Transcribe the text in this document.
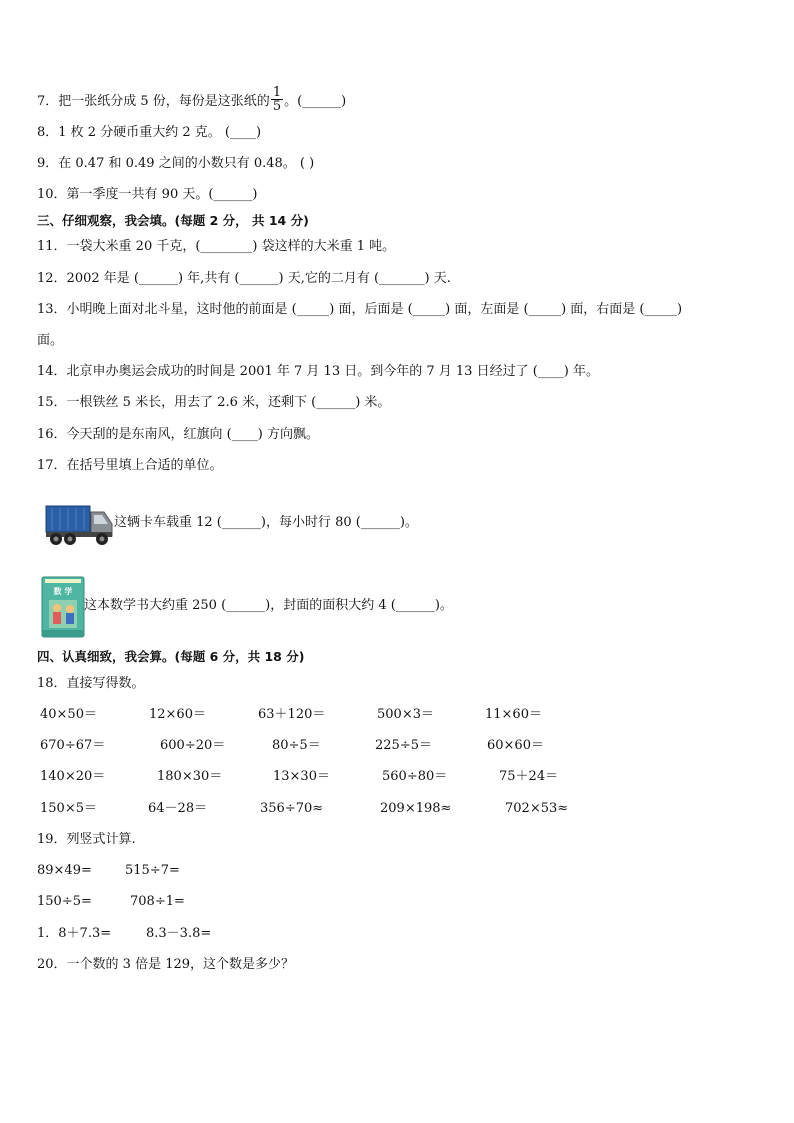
7．把一张纸分成 5 份，每份是这张纸的 $\frac{1}{5}$ 。(______)
8．1 枚 2 分硬币重大约 2 克。 (____)
9．在 0.47 和 0.49 之间的小数只有 0.48。 ( )
10．第一季度一共有 90 天。(______)
三、仔细观察，我会填。(每题 2 分， 共 14 分)
11．一袋大米重 20 千克，(________) 袋这样的大米重 1 吨。
12．2002 年是 (______) 年,共有 (______) 天,它的二月有 (_______) 天.
13．小明晚上面对北斗星，这时他的前面是 (_____) 面，后面是 (_____) 面，左面是 (_____) 面，右面是 (_____)
面。
14．北京申办奥运会成功的时间是 2001 年 7 月 13 日。到今年的 7 月 13 日经过了 (____) 年。
15．一根铁丝 5 米长，用去了 2.6 米，还剩下 (______) 米。
16．今天刮的是东南风，红旗向 (____) 方向飘。
17．在括号里填上合适的单位。
这辆卡车载重 12 (______)，每小时行 80 (______)。
数 学
这本数学书大约重 250 (______)，封面的面积大约 4 (______)。
四、认真细致，我会算。(每题 6 分，共 18 分)
18．直接写得数。
40×50＝	12×60＝	63＋120＝	500×3＝	11×60＝
670÷67＝	600÷20＝	80÷5＝	225÷5＝	60×60＝
140×20＝	180×30＝	13×30＝	560÷80＝	75＋24＝
150×5＝	64－28＝	356÷70≈	209×198≈	702×53≈
19．列竖式计算.
89×49=	515÷7=
150÷5=	708÷1=
1．8＋7.3=	8.3－3.8=
20．一个数的 3 倍是 129，这个数是多少？
